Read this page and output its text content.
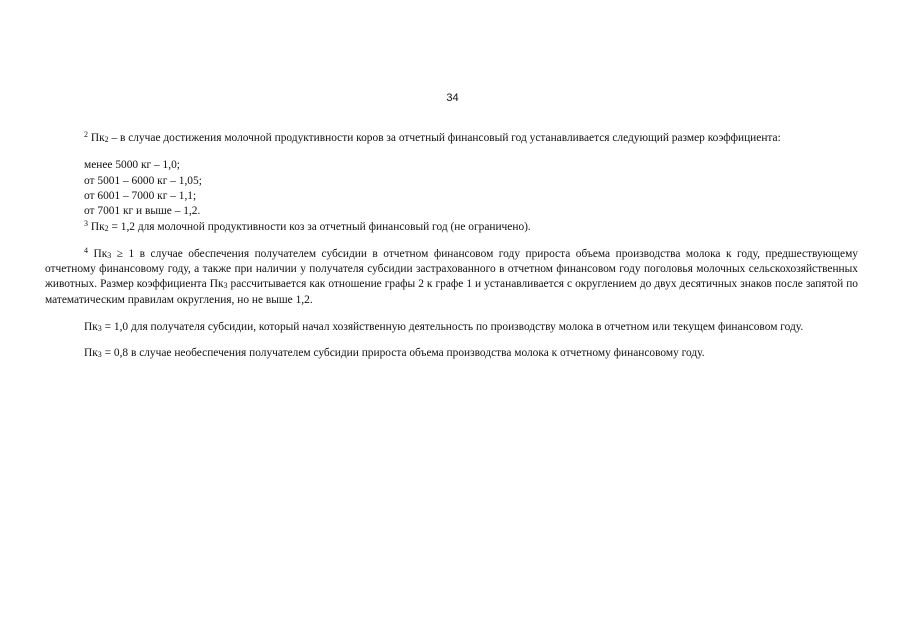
34

$^2$ $Пк_2$ – в случае достижения молочной продуктивности коров за отчетный финансовый год устанавливается следующий размер коэффициента:

менее 5000 кг – 1,0;

от 5001 – 6000 кг – 1,05;

от 6001 – 7000 кг – 1,1;

от 7001 кг и выше – 1,2.

$^3$ $Пк_2 = 1,2$ для молочной продуктивности коз за отчетный финансовый год (не ограничено).

$^4$ $Пк_3 \ge 1$ в случае обеспечения получателем субсидии в отчетном финансовом году прироста объема производства молока к году, предшествующему отчетному финансовому году, а также при наличии у получателя субсидии застрахованного в отчетном финансовом году поголовья молочных сельскохозяйственных животных. Размер коэффициента $Пк_3$ рассчитывается как отношение графы 2 к графе 1 и устанавливается с округлением до двух десятичных знаков после запятой по математическим правилам округления, но не выше 1,2.

$Пк_3 = 1,0$ для получателя субсидии, который начал хозяйственную деятельность по производству молока в отчетном или текущем финансовом году.

$Пк_3 = 0,8$ в случае необеспечения получателем субсидии прироста объема производства молока к отчетному финансовому году.
